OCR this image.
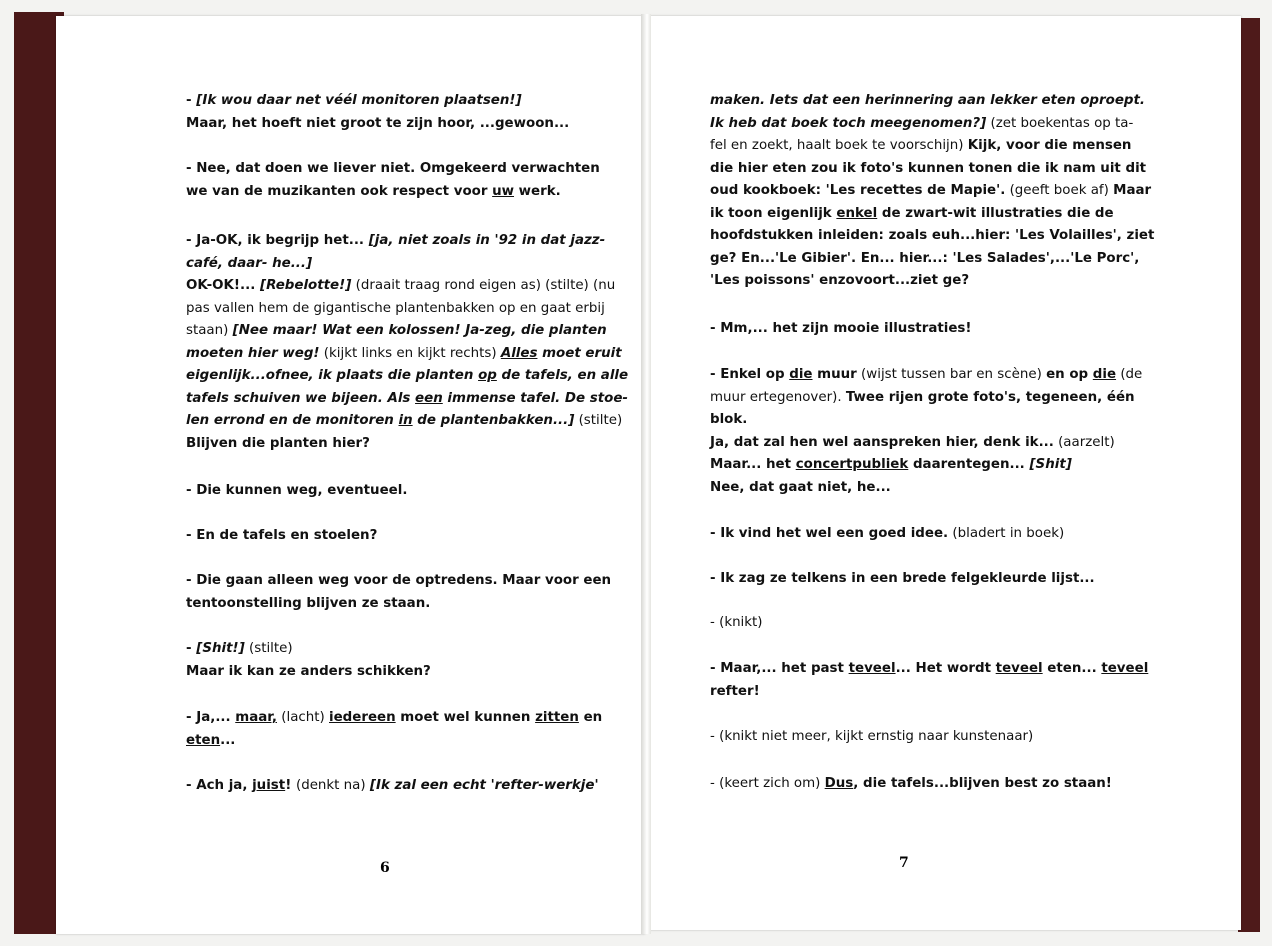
- [Ik wou daar net véél monitoren plaatsen!]
Maar, het hoeft niet groot te zijn hoor, ...gewoon...
- Nee, dat doen we liever niet. Omgekeerd verwachten
we van de muzikanten ook respect voor uw werk.
- Ja-OK, ik begrijp het... [ja, niet zoals in '92 in dat jazz-
café, daar- he...]
OK-OK!... [Rebelotte!] (draait traag rond eigen as) (stilte) (nu
pas vallen hem de gigantische plantenbakken op en gaat erbij
staan) [Nee maar! Wat een kolossen! Ja-zeg, die planten
moeten hier weg! (kijkt links en kijkt rechts) Alles moet eruit
eigenlijk...ofnee, ik plaats die planten op de tafels, en alle
tafels schuiven we bijeen. Als een immense tafel. De stoe-
len errond en de monitoren in de plantenbakken...] (stilte)
Blijven die planten hier?
- Die kunnen weg, eventueel.
- En de tafels en stoelen?
- Die gaan alleen weg voor de optredens. Maar voor een
tentoonstelling blijven ze staan.
- [Shit!] (stilte)
Maar ik kan ze anders schikken?
- Ja,... maar, (lacht) iedereen moet wel kunnen zitten en
eten...
- Ach ja, juist! (denkt na) [Ik zal een echt 'refter-werkje'
maken. Iets dat een herinnering aan lekker eten oproept.
Ik heb dat boek toch meegenomen?] (zet boekentas op ta-
fel en zoekt, haalt boek te voorschijn) Kijk, voor die mensen
die hier eten zou ik foto's kunnen tonen die ik nam uit dit
oud kookboek: 'Les recettes de Mapie'. (geeft boek af) Maar
ik toon eigenlijk enkel de zwart-wit illustraties die de
hoofdstukken inleiden: zoals euh...hier: 'Les Volailles', ziet
ge? En...'Le Gibier'. En... hier...: 'Les Salades',...'Le Porc',
'Les poissons' enzovoort...ziet ge?
- Mm,... het zijn mooie illustraties!
- Enkel op die muur (wijst tussen bar en scène) en op die (de
muur ertegenover). Twee rijen grote foto's, tegeneen, één
blok.
Ja, dat zal hen wel aanspreken hier, denk ik... (aarzelt)
Maar... het concertpubliek daarentegen... [Shit]
Nee, dat gaat niet, he...
- Ik vind het wel een goed idee. (bladert in boek)
- Ik zag ze telkens in een brede felgekleurde lijst...
- (knikt)
- Maar,... het past teveel... Het wordt teveel eten... teveel
refter!
- (knikt niet meer, kijkt ernstig naar kunstenaar)
- (keert zich om) Dus, die tafels...blijven best zo staan!
6	7
